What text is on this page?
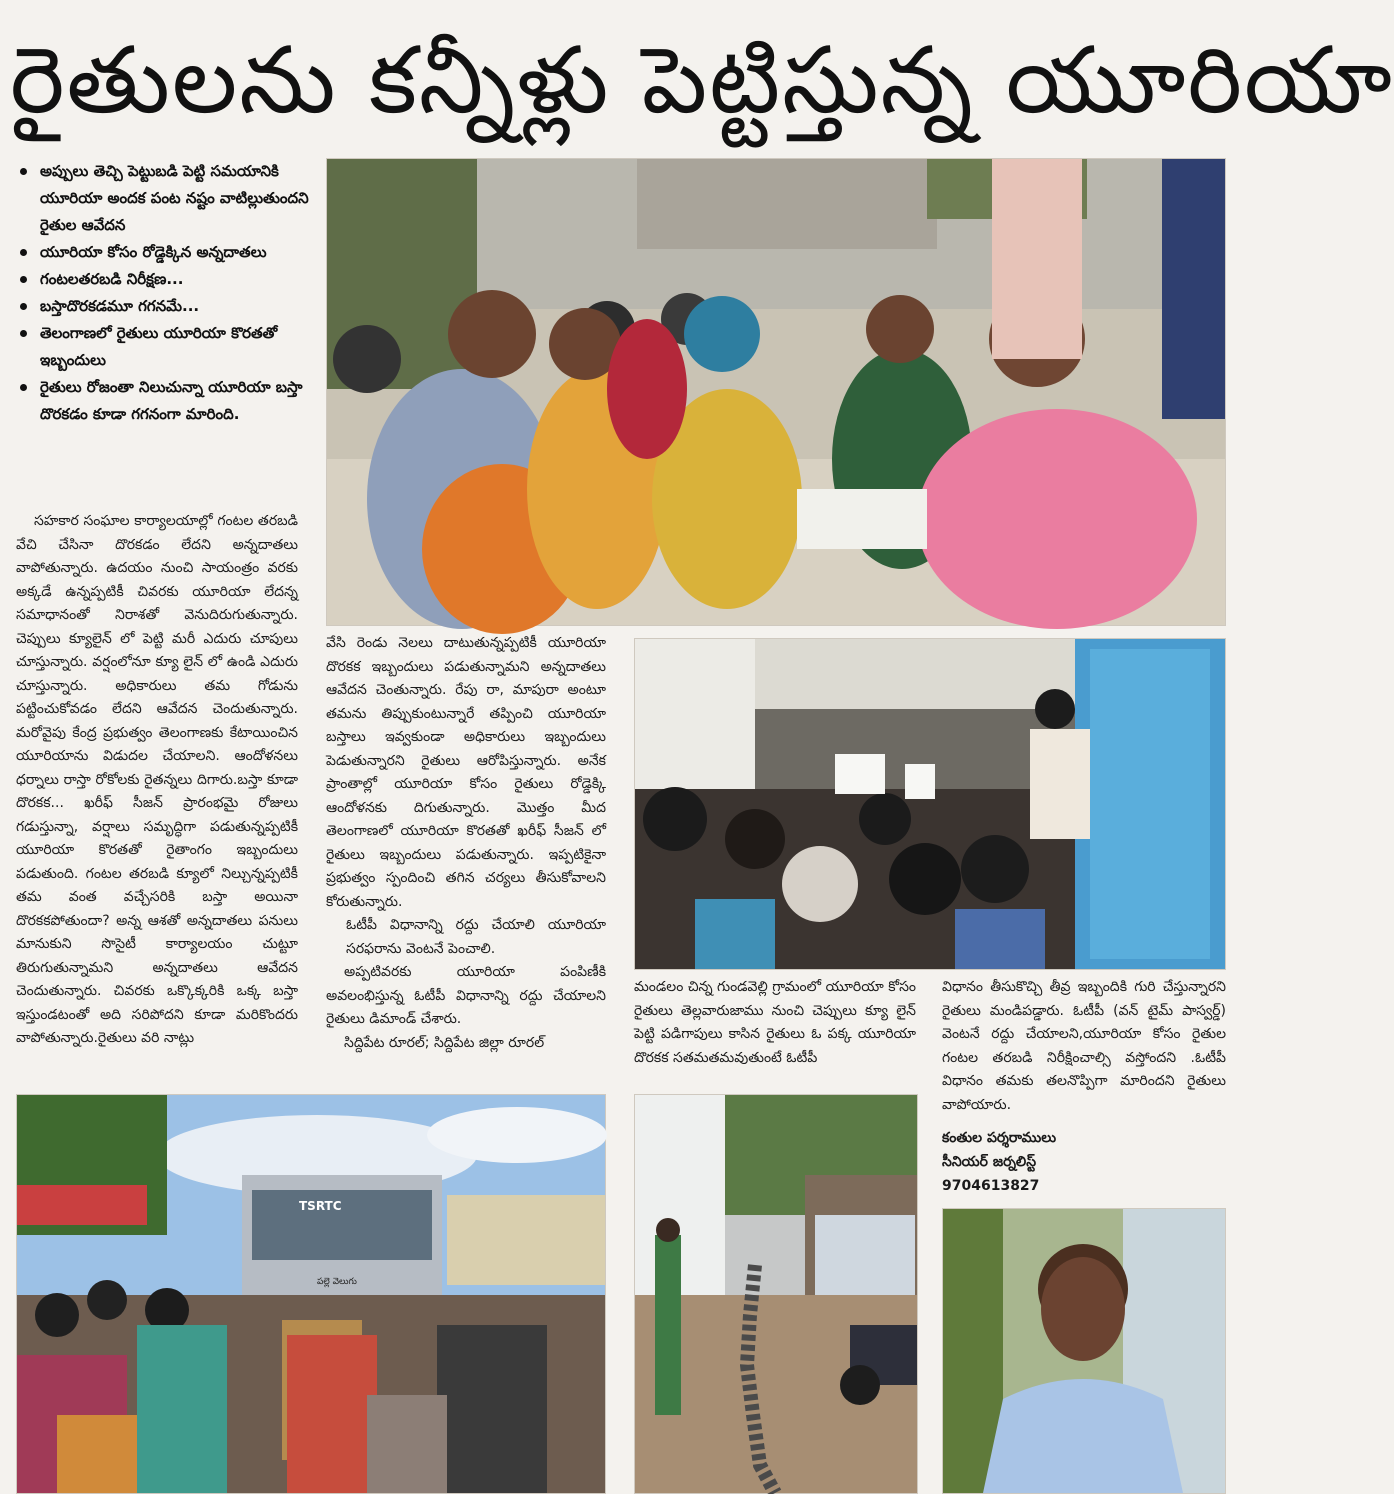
రైతులను కన్నీళ్లు పెట్టిస్తున్న యూరియా
అప్పులు తెచ్చి పెట్టుబడి పెట్టి సమయానికి యూరియా అందక పంట నష్టం వాటిల్లుతుందని రైతుల ఆవేదన
యూరియా కోసం రోడ్డెక్కిన అన్నదాతలు
గంటలతరబడి నిరీక్షణ...
బస్తాదొరకడమూ గగనమే...
తెలంగాణలో రైతులు యూరియా కొరతతో ఇబ్బందులు
రైతులు రోజంతా నిలుచున్నా యూరియా బస్తా దొరకడం కూడా గగనంగా మారింది.

సహకార సంఘాల కార్యాలయాల్లో గంటల తరబడి వేచి చేసినా దొరకడం లేదని అన్నదాతలు వాపోతున్నారు. ఉదయం నుంచి సాయంత్రం వరకు అక్కడే ఉన్నప్పటికీ చివరకు యూరియా లేదన్న సమాధానంతో నిరాశతో వెనుదిరుగుతున్నారు. చెప్పులు క్యూలైన్ లో పెట్టి మరీ ఎదురు చూపులు చూస్తున్నారు. వర్షంలోనూ క్యూ లైన్ లో ఉండి ఎదురు చూస్తున్నారు. అధికారులు తమ గోడును పట్టించుకోవడం లేదని ఆవేదన చెందుతున్నారు. మరోవైపు కేంద్ర ప్రభుత్వం తెలంగాణకు కేటాయించిన యూరియాను విడుదల చేయాలని. ఆందోళనలు ధర్నాలు రాస్తా రోకోలకు రైతన్నలు దిగారు.బస్తా కూడా దొరకక... ఖరీఫ్ సీజన్ ప్రారంభమై రోజులు గడుస్తున్నా, వర్షాలు సమృద్ధిగా పడుతున్నప్పటికీ యూరియా కొరతతో రైతాంగం ఇబ్బందులు పడుతుంది. గంటల తరబడి క్యూలో నిల్చున్నప్పటికీ తమ వంత వచ్చేసరికి బస్తా అయినా దొరకకపోతుందా? అన్న ఆశతో అన్నదాతలు పనులు మానుకుని సొసైటీ కార్యాలయం చుట్టూ తిరుగుతున్నామని అన్నదాతలు ఆవేదన చెందుతున్నారు. చివరకు ఒక్కొక్కరికి ఒక్క బస్తా ఇస్తుండటంతో అది సరిపోదని కూడా మరికొందరు వాపోతున్నారు.రైతులు వరి నాట్లు

వేసి రెండు నెలలు దాటుతున్నప్పటికీ యూరియా దొరకక ఇబ్బందులు పడుతున్నామని అన్నదాతలు ఆవేదన చెంతున్నారు. రేపు రా, మాపురా అంటూ తమను తిప్పుకుంటున్నారే తప్పించి యూరియా బస్తాలు ఇవ్వకుండా అధికారులు ఇబ్బందులు పెడుతున్నారని రైతులు ఆరోపిస్తున్నారు. అనేక ప్రాంతాల్లో యూరియా కోసం రైతులు రోడ్డెక్కి ఆందోళనకు దిగుతున్నారు. మొత్తం మీద తెలంగాణలో యూరియా కొరతతో ఖరీఫ్ సీజన్ లో రైతులు ఇబ్బందులు పడుతున్నారు. ఇప్పటికైనా ప్రభుత్వం స్పందించి తగిన చర్యలు తీసుకోవాలని కోరుతున్నారు.

ఓటీపీ విధానాన్ని రద్దు చేయాలి యూరియా సరఫరాను వెంటనే పెంచాలి.

అప్పటివరకు యూరియా పంపిణీకి అవలంభిస్తున్న ఓటీపీ విధానాన్ని రద్దు చేయాలని రైతులు డిమాండ్ చేశారు.

సిద్దిపేట రూరల్; సిద్దిపేట జిల్లా రూరల్

మండలం చిన్న గుండవెల్లి గ్రామంలో యూరియా కోసం రైతులు తెల్లవారుజాము నుంచి చెప్పులు క్యూ లైన్ పెట్టి పడిగాపులు కాసిన రైతులు ఓ పక్క యూరియా దొరకక సతమతమవుతుంటే ఓటీపీ

విధానం తీసుకొచ్చి తీవ్ర ఇబ్బందికి గురి చేస్తున్నారని రైతులు మండిపడ్డారు. ఓటీపీ (వన్ టైమ్ పాస్వర్డ్) వెంటనే రద్దు చేయాలని,యూరియా కోసం రైతుల గంటల తరబడి నిరీక్షించాల్సి వస్తోందని .ఓటీపీ విధానం తమకు తలనొప్పిగా మారిందని రైతులు వాపోయారు.

కంతుల పర్శరాములు
సీనియర్ జర్నలిస్ట్
9704613827
TSRTC
పల్లె వెలుగు
